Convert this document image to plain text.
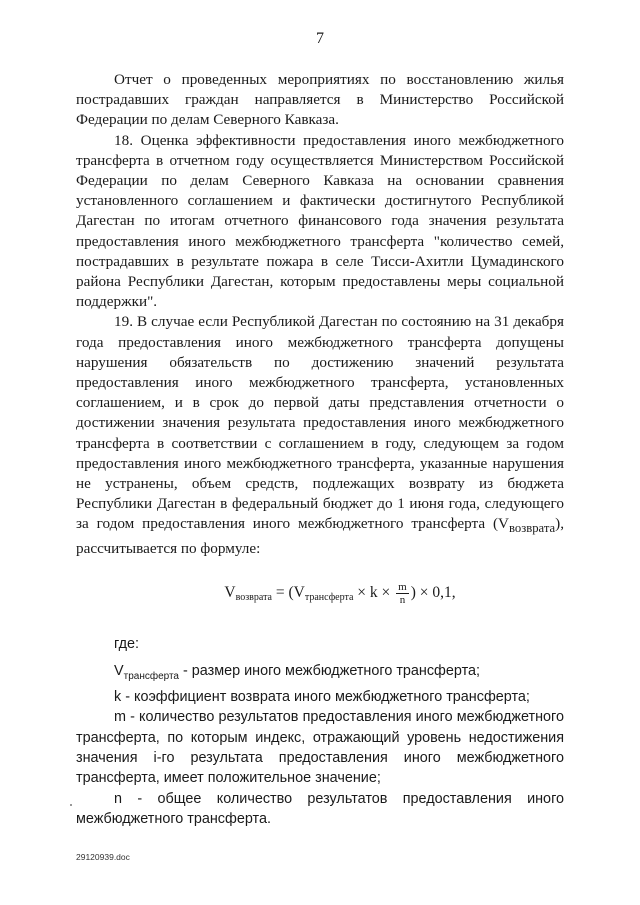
7

Отчет о проведенных мероприятиях по восстановлению жилья пострадавших граждан направляется в Министерство Российской Федерации по делам Северного Кавказа.

18. Оценка эффективности предоставления иного межбюджетного трансферта в отчетном году осуществляется Министерством Российской Федерации по делам Северного Кавказа на основании сравнения установленного соглашением и фактически достигнутого Республикой Дагестан по итогам отчетного финансового года значения результата предоставления иного межбюджетного трансферта "количество семей, пострадавших в результате пожара в селе Тисси-Ахитли Цумадинского района Республики Дагестан, которым предоставлены меры социальной поддержки".

19. В случае если Республикой Дагестан по состоянию на 31 декабря года предоставления иного межбюджетного трансферта допущены нарушения обязательств по достижению значений результата предоставления иного межбюджетного трансферта, установленных соглашением, и в срок до первой даты представления отчетности о достижении значения результата предоставления иного межбюджетного трансферта в соответствии с соглашением в году, следующем за годом предоставления иного межбюджетного трансферта, указанные нарушения не устранены, объем средств, подлежащих возврату из бюджета Республики Дагестан в федеральный бюджет до 1 июня года, следующего за годом предоставления иного межбюджетного трансферта $(V_{возврата})$, рассчитывается по формуле:

$V_{возврата} = (V_{трансферта} \times k \times \frac{m}{n}$ ) × 0,1,

где:

$V_{трансферта}$ - размер иного межбюджетного трансферта;

k - коэффициент возврата иного межбюджетного трансферта;

m - количество результатов предоставления иного межбюджетного трансферта, по которым индекс, отражающий уровень недостижения значения i-го результата предоставления иного межбюджетного трансферта, имеет положительное значение;

n - общее количество результатов предоставления иного межбюджетного трансферта.

29120939.doc
